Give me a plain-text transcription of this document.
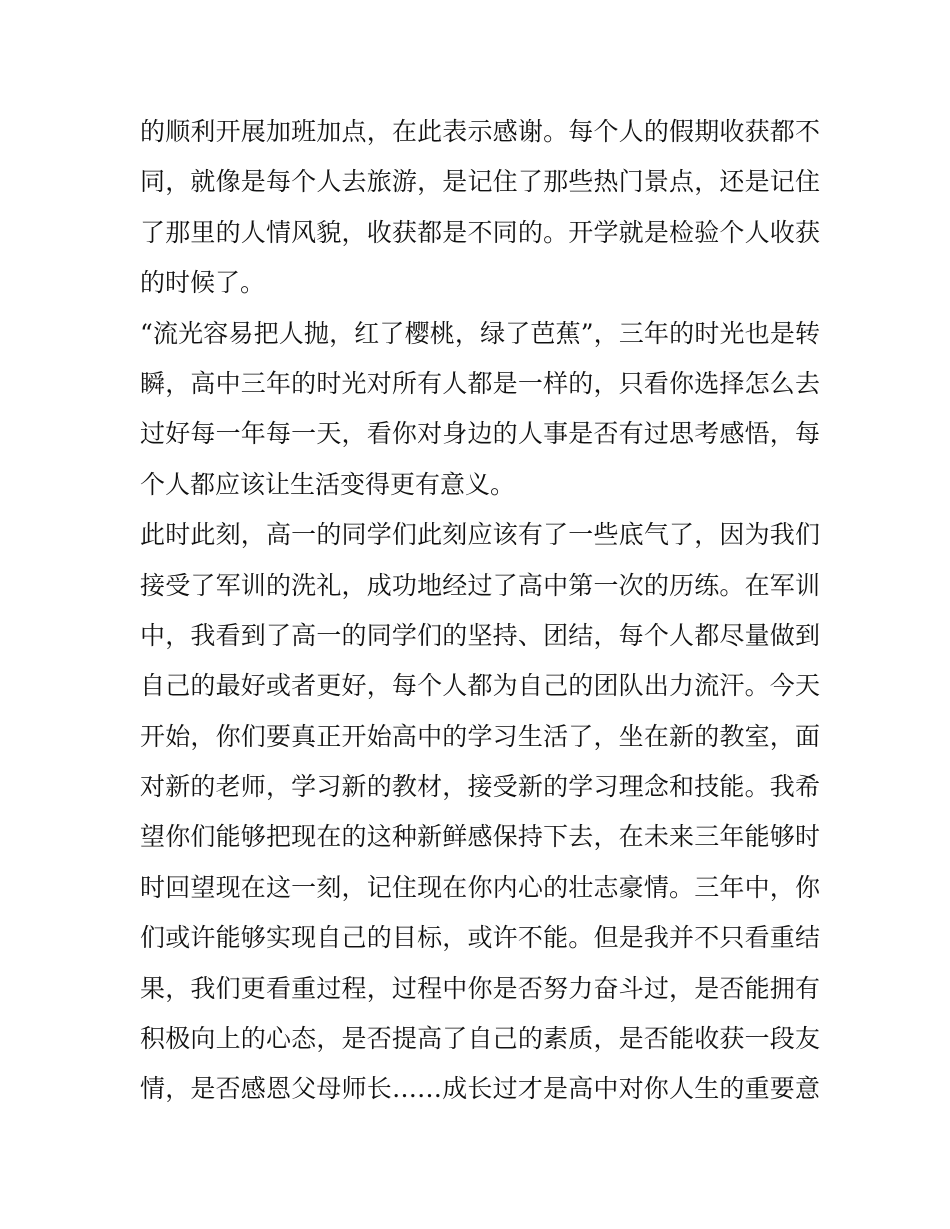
的顺利开展加班加点，在此表示感谢。每个人的假期收获都不
同，就像是每个人去旅游，是记住了那些热门景点，还是记住
了那里的人情风貌，收获都是不同的。开学就是检验个人收获
的时候了。
“流光容易把人抛，红了樱桃，绿了芭蕉”，三年的时光也是转
瞬，高中三年的时光对所有人都是一样的，只看你选择怎么去
过好每一年每一天，看你对身边的人事是否有过思考感悟，每
个人都应该让生活变得更有意义。
此时此刻，高一的同学们此刻应该有了一些底气了，因为我们
接受了军训的洗礼，成功地经过了高中第一次的历练。在军训
中，我看到了高一的同学们的坚持、团结，每个人都尽量做到
自己的最好或者更好，每个人都为自己的团队出力流汗。今天
开始，你们要真正开始高中的学习生活了，坐在新的教室，面
对新的老师，学习新的教材，接受新的学习理念和技能。我希
望你们能够把现在的这种新鲜感保持下去，在未来三年能够时
时回望现在这一刻，记住现在你内心的壮志豪情。三年中，你
们或许能够实现自己的目标，或许不能。但是我并不只看重结
果，我们更看重过程，过程中你是否努力奋斗过，是否能拥有
积极向上的心态，是否提高了自己的素质，是否能收获一段友
情，是否感恩父母师长……成长过才是高中对你人生的重要意
